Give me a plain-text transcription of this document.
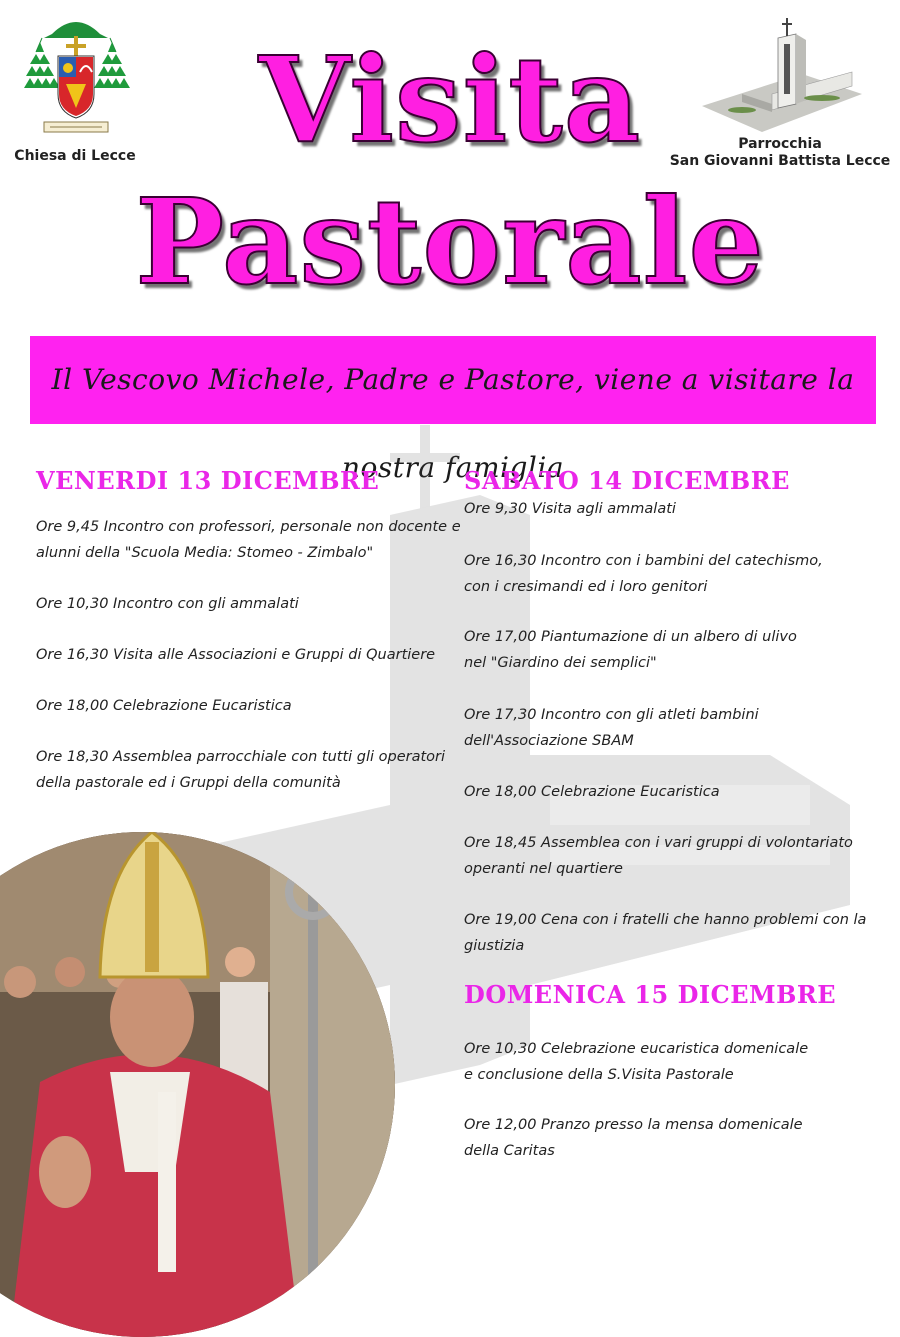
Chiesa di Lecce
Parrocchia
San Giovanni Battista Lecce
Visita
Pastorale
Il Vescovo Michele, Padre e Pastore, viene a visitare la nostra famiglia
VENERDI 13 DICEMBRE
Ore 9,45 Incontro con professori, personale non docente e
alunni della "Scuola Media: Stomeo - Zimbalo"
Ore 10,30 Incontro con gli ammalati
Ore 16,30 Visita alle Associazioni e Gruppi di Quartiere
Ore 18,00 Celebrazione Eucaristica
Ore 18,30 Assemblea parrocchiale con tutti gli operatori
della pastorale ed i Gruppi della comunità
SABATO 14 DICEMBRE
Ore 9,30 Visita agli ammalati
Ore 16,30 Incontro con i bambini del catechismo,
con i cresimandi ed i loro genitori
Ore 17,00 Piantumazione di un albero di ulivo
nel "Giardino dei semplici"
Ore 17,30 Incontro con gli atleti bambini
dell'Associazione SBAM
Ore 18,00 Celebrazione Eucaristica
Ore 18,45 Assemblea con i vari gruppi di volontariato
operanti nel quartiere
Ore 19,00 Cena con i fratelli che hanno problemi con la
giustizia
DOMENICA 15 DICEMBRE
Ore 10,30 Celebrazione eucaristica domenicale
e conclusione della S.Visita Pastorale
Ore 12,00 Pranzo presso la mensa domenicale
della Caritas
